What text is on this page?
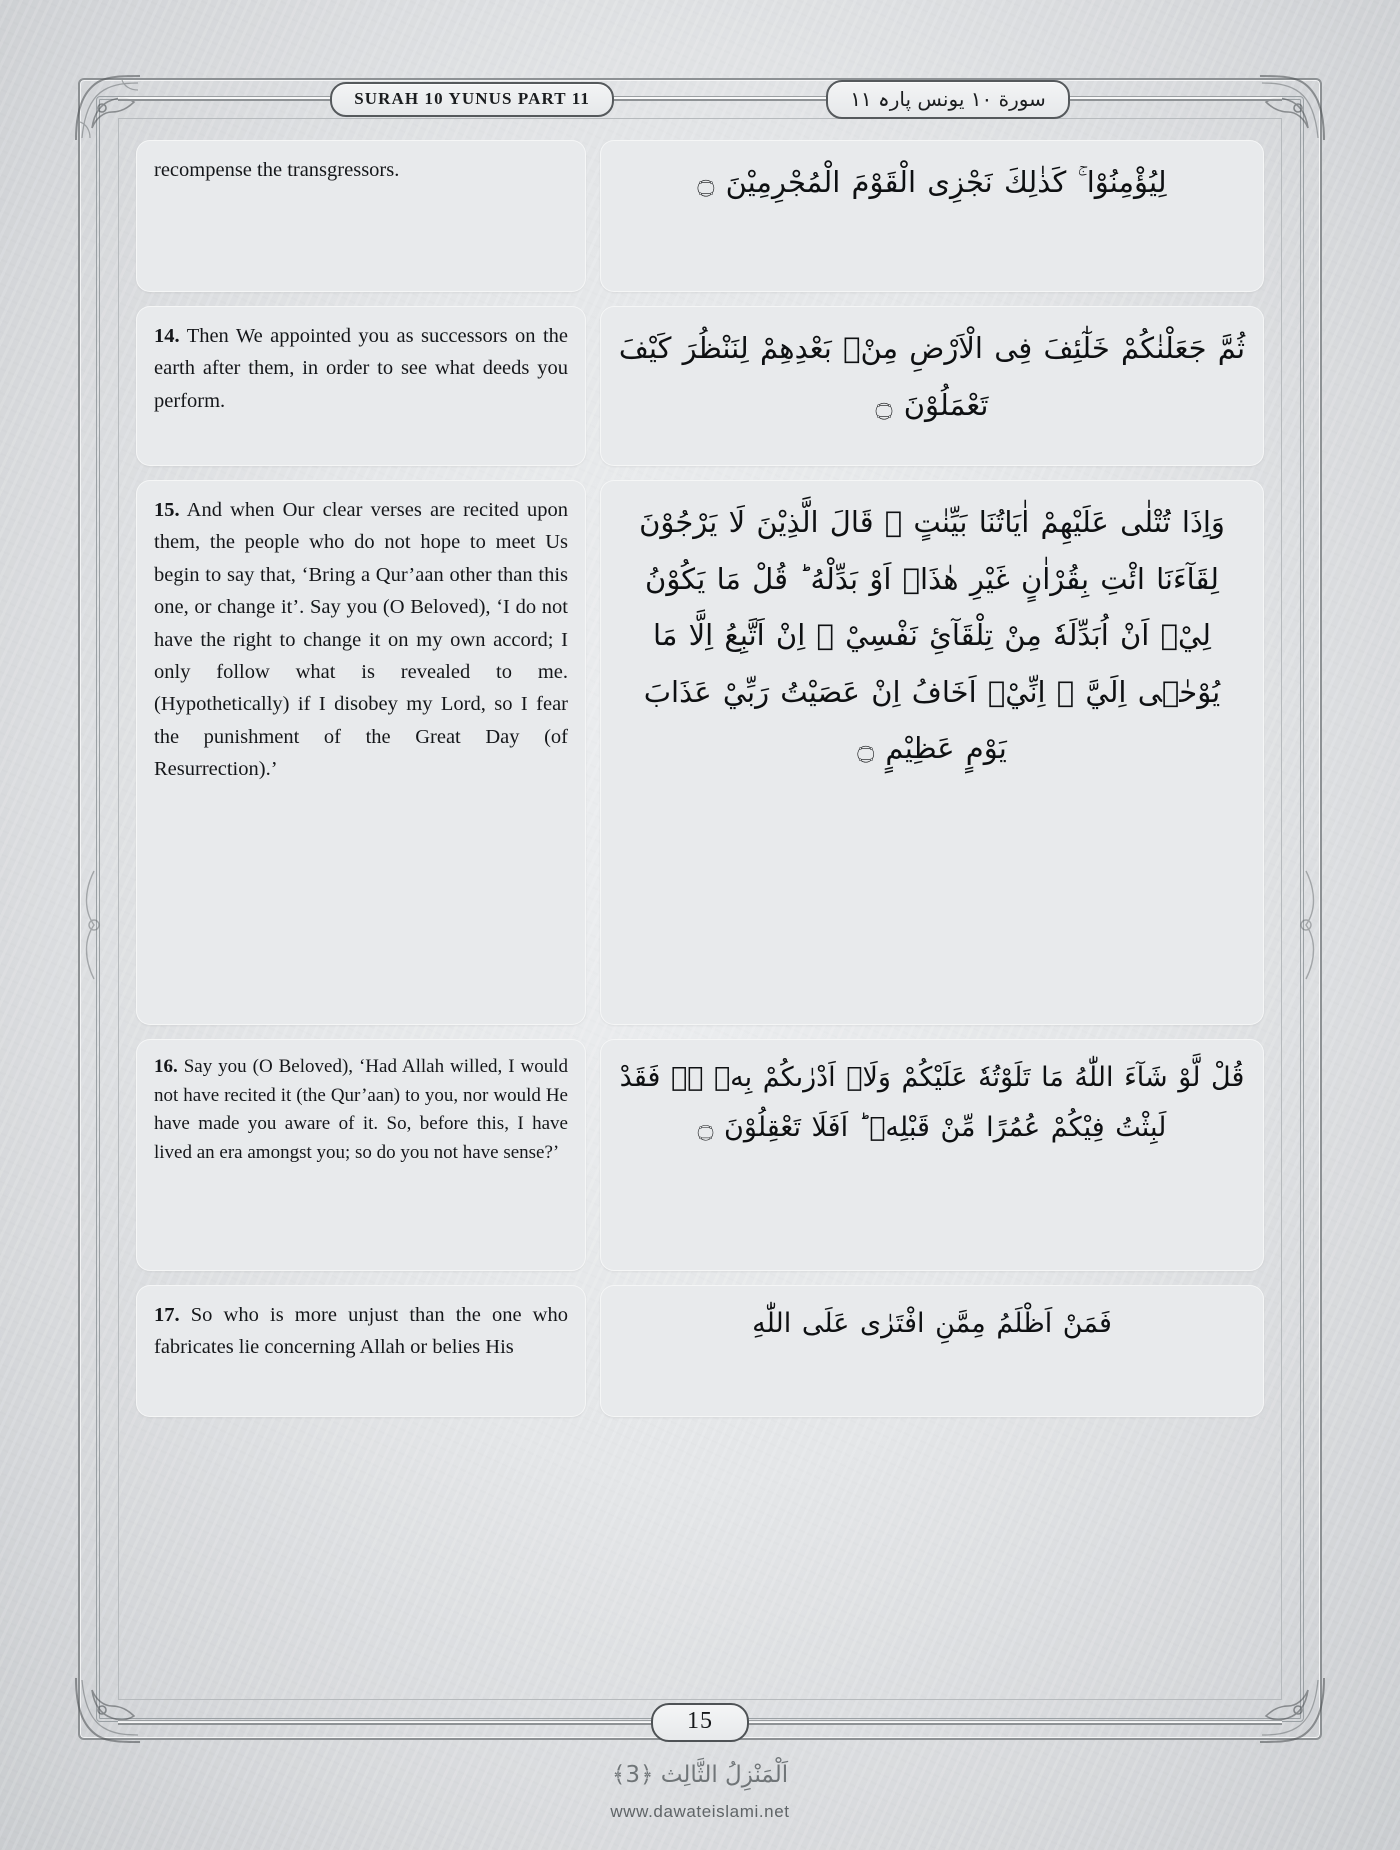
SURAH 10 YUNUS PART 11	سورة ۱۰ يونس پارہ ۱۱

recompense the transgressors.

14. Then We appointed you as successors on the earth after them, in order to see what deeds you perform.

15. And when Our clear verses are recited upon them, the people who do not hope to meet Us begin to say that, ‘Bring a Qur’aan other than this one, or change it’. Say you (O Beloved), ‘I do not have the right to change it on my own accord; I only follow what is revealed to me. (Hypothetically) if I disobey my Lord, so I fear the punishment of the Great Day (of Resurrection).’

16. Say you (O Beloved), ‘Had Allah willed, I would not have recited it (the Qur’aan) to you, nor would He have made you aware of it. So, before this, I have lived an era amongst you; so do you not have sense?’

17. So who is more unjust than the one who fabricates lie concerning Allah or belies His

لِيُؤْمِنُوْا ۚ كَذٰلِكَ نَجْزِى الْقَوْمَ الْمُجْرِمِيْنَ ۝

ثُمَّ جَعَلْنٰكُمْ خَلٰٓئِفَ فِى الْاَرْضِ مِنْۢ بَعْدِهِمْ لِنَنْظُرَ كَيْفَ تَعْمَلُوْنَ ۝

وَاِذَا تُتْلٰى عَلَيْهِمْ اٰيَاتُنَا بَيِّنٰتٍ ۙ قَالَ الَّذِيْنَ لَا يَرْجُوْنَ لِقَآءَنَا ائْتِ بِقُرْاٰنٍ غَيْرِ هٰذَاۤ اَوْ بَدِّلْهُ ؕ قُلْ مَا يَكُوْنُ لِيْۤ اَنْ اُبَدِّلَهٗ مِنْ تِلْقَآئِ نَفْسِيْ ۚ اِنْ اَتَّبِعُ اِلَّا مَا يُوْحٰۤى اِلَيَّ ۚ اِنِّيْۤ اَخَافُ اِنْ عَصَيْتُ رَبِّيْ عَذَابَ يَوْمٍ عَظِيْمٍ ۝

قُلْ لَّوْ شَآءَ اللّٰهُ مَا تَلَوْتُهٗ عَلَيْكُمْ وَلَاۤ اَدْرٰىكُمْ بِهٖ ۫ۖ فَقَدْ لَبِثْتُ فِيْكُمْ عُمُرًا مِّنْ قَبْلِهٖ ؕ اَفَلَا تَعْقِلُوْنَ ۝

فَمَنْ اَظْلَمُ مِمَّنِ افْتَرٰى عَلَى اللّٰهِ

15
اَلْمَنْزِلُ الثَّالِث ﴿3﴾
www.dawateislami.net
